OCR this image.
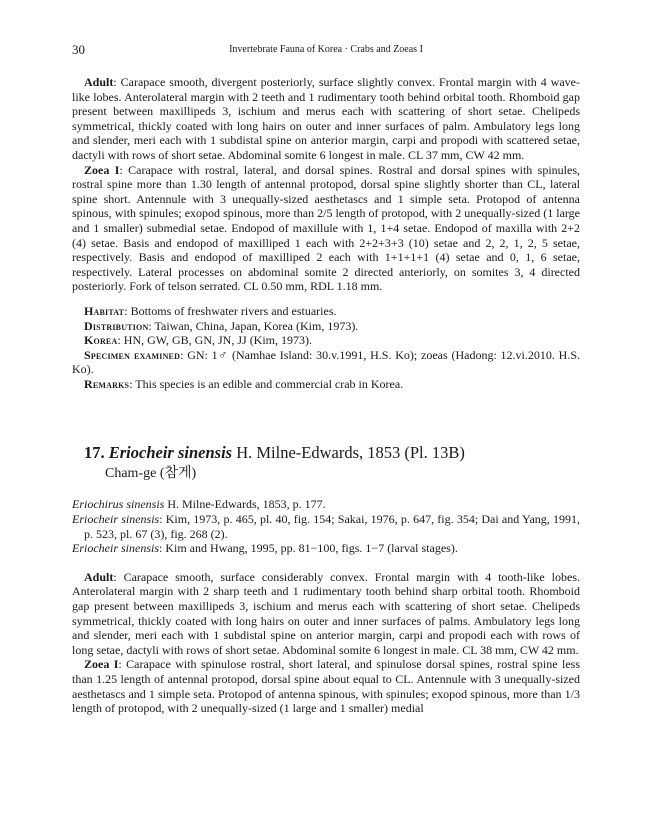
30	Invertebrate Fauna of Korea · Crabs and Zoeas I

Adult: Carapace smooth, divergent posteriorly, surface slightly convex. Frontal margin with 4 wave-like lobes. Anterolateral margin with 2 teeth and 1 rudimentary tooth behind orbital tooth. Rhomboid gap present between maxillipeds 3, ischium and merus each with scattering of short setae. Chelipeds symmetrical, thickly coated with long hairs on outer and inner surfaces of palm. Ambulatory legs long and slender, meri each with 1 subdistal spine on anterior margin, carpi and propodi with scattered setae, dactyli with rows of short setae. Abdominal somite 6 longest in male. CL 37 mm, CW 42 mm.

Zoea I: Carapace with rostral, lateral, and dorsal spines. Rostral and dorsal spines with spinules, rostral spine more than 1.30 length of antennal protopod, dorsal spine slightly shorter than CL, lateral spine short. Antennule with 3 unequally-sized aesthetascs and 1 simple seta. Protopod of antenna spinous, with spinules; exopod spinous, more than 2/5 length of protopod, with 2 unequally-sized (1 large and 1 smaller) submedial setae. Endopod of maxillule with 1, 1+4 setae. Endopod of maxilla with 2+2 (4) setae. Basis and endopod of maxilliped 1 each with 2+2+3+3 (10) setae and 2, 2, 1, 2, 5 setae, respectively. Basis and endopod of maxilliped 2 each with 1+1+1+1 (4) setae and 0, 1, 6 setae, respectively. Lateral processes on abdominal somite 2 directed anteriorly, on somites 3, 4 directed posteriorly. Fork of telson serrated. CL 0.50 mm, RDL 1.18 mm.

Habitat: Bottoms of freshwater rivers and estuaries.

Distribution: Taiwan, China, Japan, Korea (Kim, 1973).

Korea: HN, GW, GB, GN, JN, JJ (Kim, 1973).

Specimen examined: GN: 1♂ (Namhae Island: 30.v.1991, H.S. Ko); zoeas (Hadong: 12.vi.2010. H.S. Ko).

Remarks: This species is an edible and commercial crab in Korea.

17. Eriocheir sinensis H. Milne-Edwards, 1853 (Pl. 13B)
Cham-ge (참게)

Eriochirus sinensis H. Milne-Edwards, 1853, p. 177.

Eriocheir sinensis: Kim, 1973, p. 465, pl. 40, fig. 154; Sakai, 1976, p. 647, fig. 354; Dai and Yang, 1991, p. 523, pl. 67 (3), fig. 268 (2).

Eriocheir sinensis: Kim and Hwang, 1995, pp. 81−100, figs. 1−7 (larval stages).

Adult: Carapace smooth, surface considerably convex. Frontal margin with 4 tooth-like lobes. Anterolateral margin with 2 sharp teeth and 1 rudimentary tooth behind sharp orbital tooth. Rhomboid gap present between maxillipeds 3, ischium and merus each with scattering of short setae. Chelipeds symmetrical, thickly coated with long hairs on outer and inner surfaces of palms. Ambulatory legs long and slender, meri each with 1 subdistal spine on anterior margin, carpi and propodi each with rows of long setae, dactyli with rows of short setae. Abdominal somite 6 longest in male. CL 38 mm, CW 42 mm.

Zoea I: Carapace with spinulose rostral, short lateral, and spinulose dorsal spines, rostral spine less than 1.25 length of antennal protopod, dorsal spine about equal to CL. Antennule with 3 unequally-sized aesthetascs and 1 simple seta. Protopod of antenna spinous, with spinules; exopod spinous, more than 1/3 length of protopod, with 2 unequally-sized (1 large and 1 smaller) medial
